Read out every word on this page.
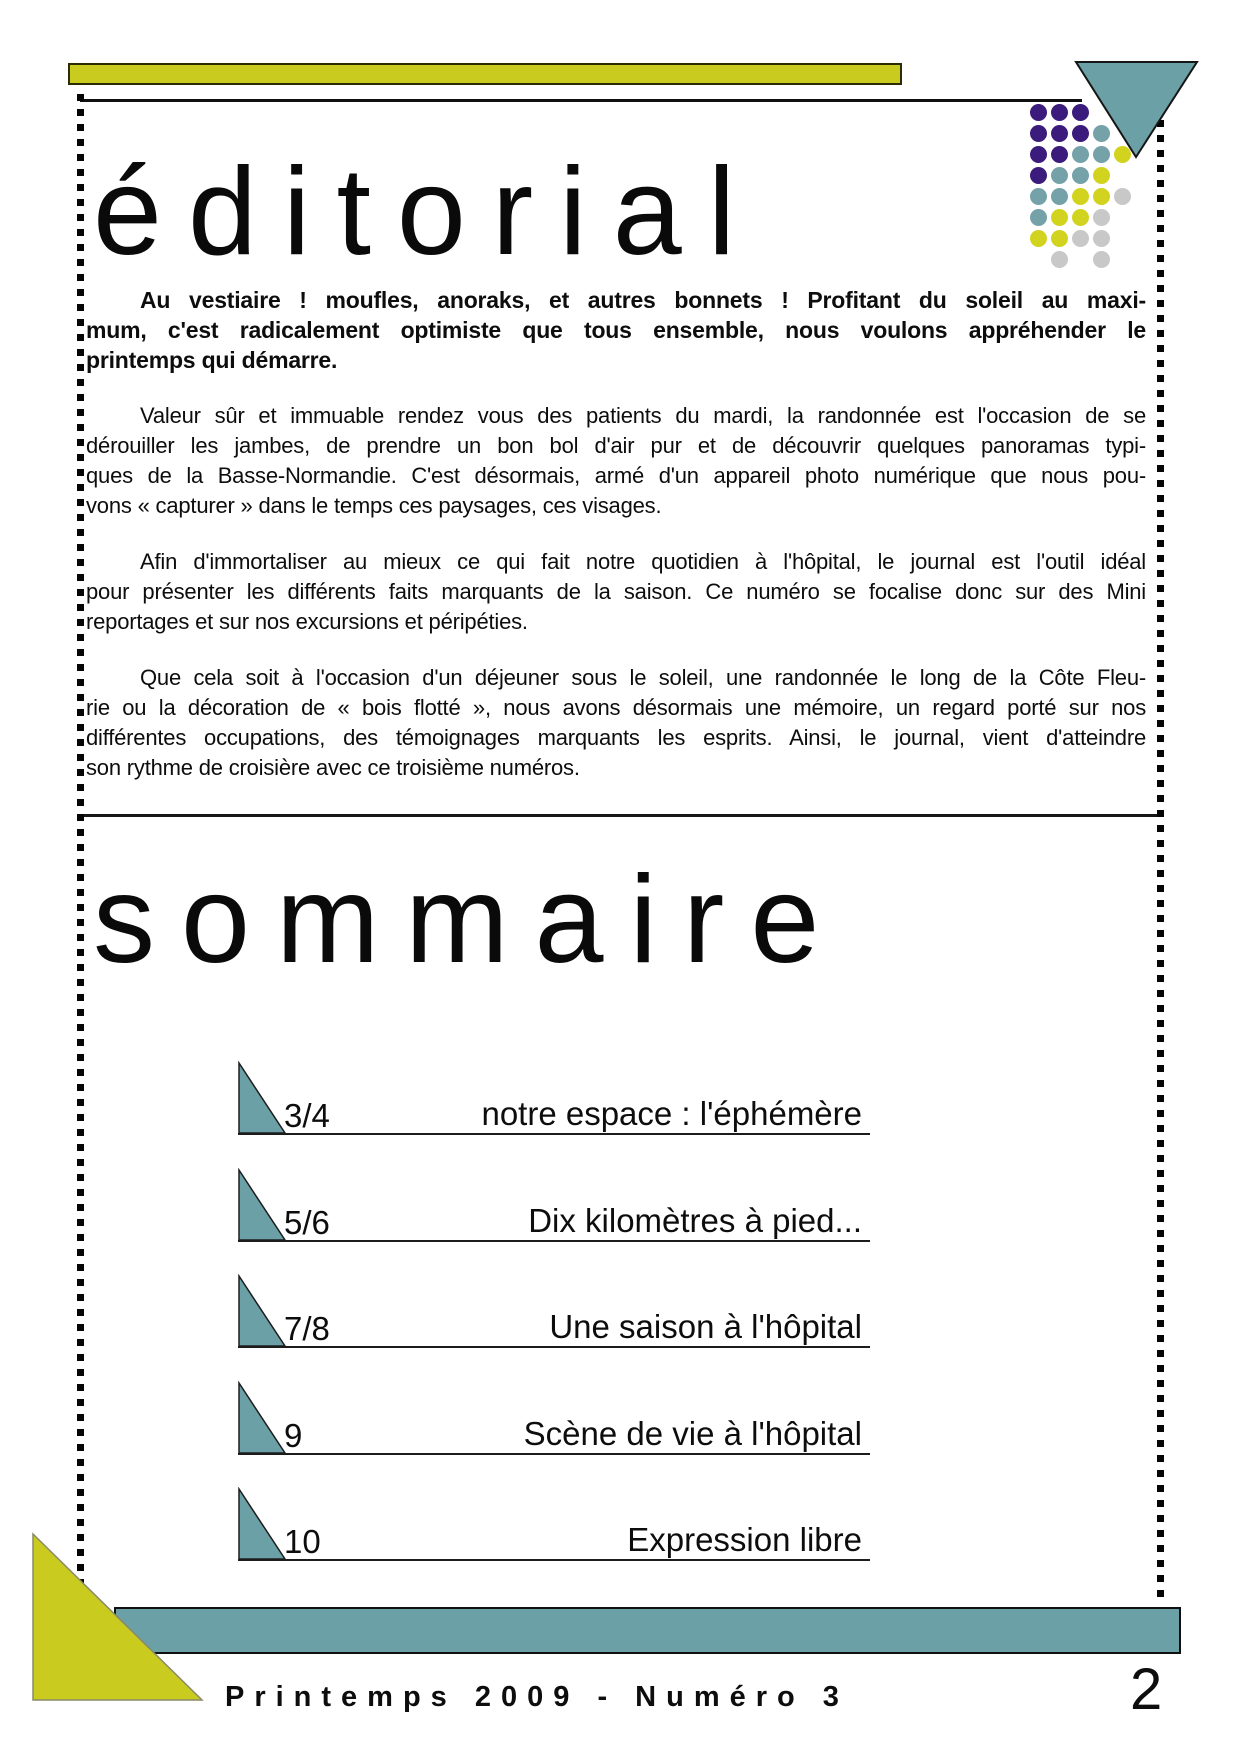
éditorial
Au vestiaire ! moufles, anoraks, et autres bonnets ! Profitant du soleil au maxi-
mum, c'est radicalement optimiste que tous ensemble, nous voulons appréhender le
printemps qui démarre.
Valeur sûr et immuable rendez vous des patients du mardi, la randonnée est l'occasion de se
dérouiller les jambes, de prendre un bon bol d'air pur et de découvrir quelques panoramas typi-
ques de la Basse-Normandie. C'est désormais, armé d'un appareil photo numérique que nous pou-
vons « capturer » dans le temps ces paysages, ces visages.
Afin d'immortaliser au mieux ce qui fait notre quotidien à l'hôpital, le journal est l'outil idéal
pour présenter les différents faits marquants de la saison. Ce numéro se focalise donc sur des Mini
reportages et sur nos excursions et péripéties.
Que cela soit à l'occasion d'un déjeuner sous le soleil, une randonnée le long de la Côte Fleu-
rie ou la décoration de « bois flotté », nous avons désormais une mémoire, un regard porté sur nos
différentes occupations, des témoignages marquants les esprits. Ainsi, le journal, vient d'atteindre
son rythme de croisière avec ce troisième numéros.
sommaire
3/4	notre espace : l'éphémère
5/6	Dix kilomètres à pied...
7/8	Une saison à l'hôpital
9	Scène de vie à l'hôpital
10	Expression libre
Printemps 2009 - Numéro 3	2
